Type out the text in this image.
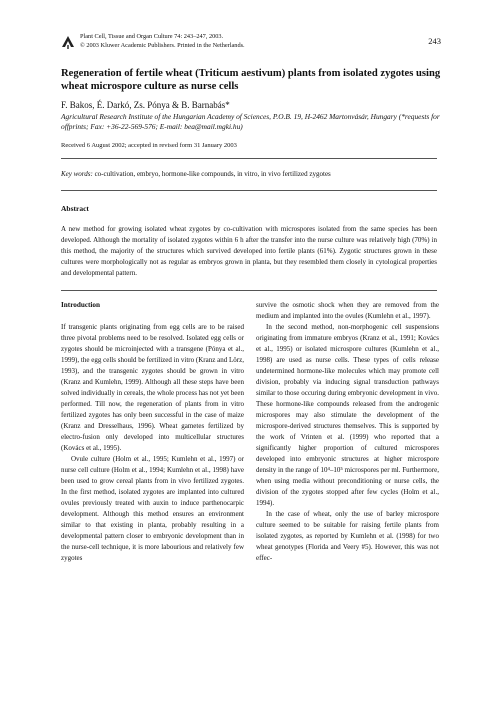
Plant Cell, Tissue and Organ Culture 74: 243–247, 2003.
© 2003 Kluwer Academic Publishers. Printed in the Netherlands.	243
Regeneration of fertile wheat (Triticum aestivum) plants from isolated zygotes using wheat microspore culture as nurse cells
F. Bakos, É. Darkó, Zs. Pónya & B. Barnabás*
Agricultural Research Institute of the Hungarian Academy of Sciences, P.O.B. 19, H-2462 Martonvásár, Hungary (*requests for offprints; Fax: +36-22-569-576; E-mail: bea@mail.mgki.hu)
Received 6 August 2002; accepted in revised form 31 January 2003
Key words: co-cultivation, embryo, hormone-like compounds, in vitro, in vivo fertilized zygotes
Abstract
A new method for growing isolated wheat zygotes by co-cultivation with microspores isolated from the same species has been developed. Although the mortality of isolated zygotes within 6 h after the transfer into the nurse culture was relatively high (70%) in this method, the majority of the structures which survived developed into fertile plants (61%). Zygotic structures grown in these cultures were morphologically not as regular as embryos grown in planta, but they resembled them closely in cytological properties and developmental pattern.
Introduction

If transgenic plants originating from egg cells are to be raised three pivotal problems need to be resolved. Isolated egg cells or zygotes should be microinjected with a transgene (Pónya et al., 1999), the egg cells should be fertilized in vitro (Kranz and Lörz, 1993), and the transgenic zygotes should be grown in vitro (Kranz and Kumlehn, 1999). Although all these steps have been solved individually in cereals, the whole process has not yet been performed. Till now, the regeneration of plants from in vitro fertilized zygotes has only been successful in the case of maize (Kranz and Dresselhaus, 1996). Wheat gametes fertilized by electro-fusion only developed into multicellular structures (Kovács et al., 1995).

Ovule culture (Holm et al., 1995; Kumlehn et al., 1997) or nurse cell culture (Holm et al., 1994; Kumlehn et al., 1998) have been used to grow cereal plants from in vivo fertilized zygotes. In the first method, isolated zygotes are implanted into cultured ovules previously treated with auxin to induce parthenocarpic development. Although this method ensures an environment similar to that existing in planta, probably resulting in a developmental pattern closer to embryonic development than in the nurse-cell technique, it is more labourious and relatively few zygotes

survive the osmotic shock when they are removed from the medium and implanted into the ovules (Kumlehn et al., 1997).

In the second method, non-morphogenic cell suspensions originating from immature embryos (Kranz et al., 1991; Kovács et al., 1995) or isolated microspore cultures (Kumlehn et al., 1998) are used as nurse cells. These types of cells release undetermined hormone-like molecules which may promote cell division, probably via inducing signal transduction pathways similar to those occuring during embryonic development in vivo. These hormone-like compounds released from the androgenic microspores may also stimulate the development of the microspore-derived structures themselves. This is supported by the work of Vrinten et al. (1999) who reported that a significantly higher proportion of cultured microspores developed into embryonic structures at higher microspore density in the range of 10⁴–10⁵ microspores per ml. Furthermore, when using media without preconditioning or nurse cells, the division of the zygotes stopped after few cycles (Holm et al., 1994).

In the case of wheat, only the use of barley microspore culture seemed to be suitable for raising fertile plants from isolated zygotes, as reported by Kumlehn et al. (1998) for two wheat genotypes (Florida and Veery #5). However, this was not effec-
